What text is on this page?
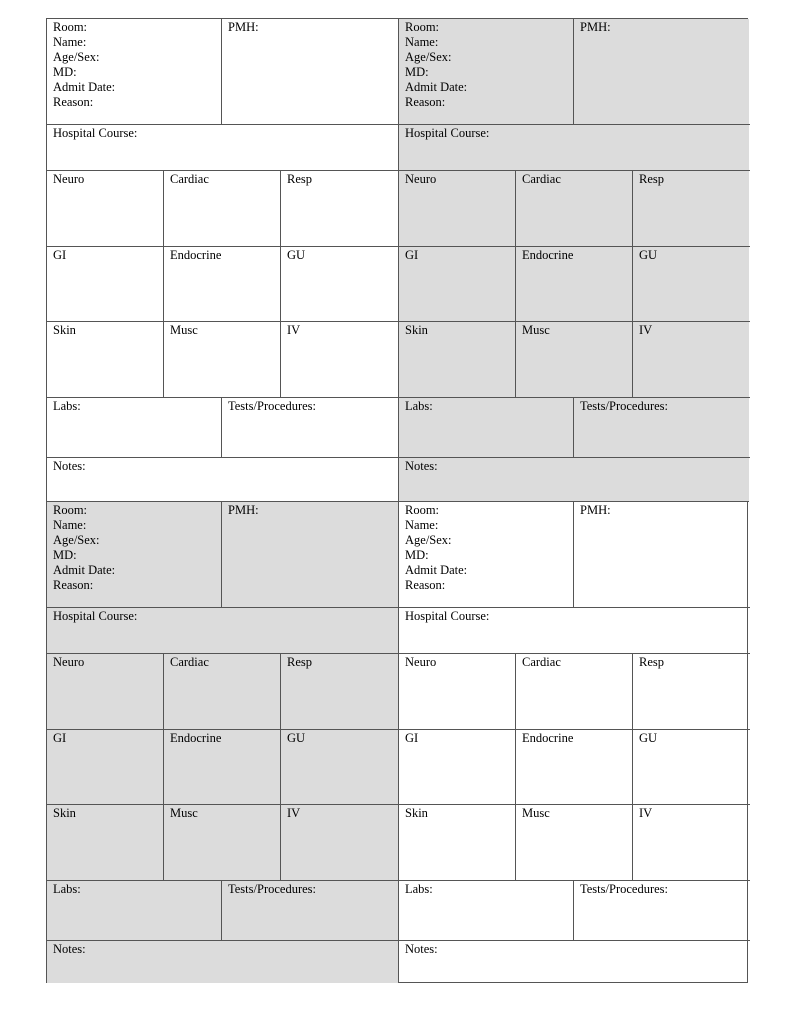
Room:
Name:
Age/Sex:
MD:
Admit Date:
Reason:
PMH:
Hospital Course:
Neuro	Cardiac	Resp
GI	Endocrine	GU
Skin	Musc	IV
Labs:	Tests/Procedures:
Notes:
Room:
Name:
Age/Sex:
MD:
Admit Date:
Reason:
PMH:
Hospital Course:
Neuro	Cardiac	Resp
GI	Endocrine	GU
Skin	Musc	IV
Labs:	Tests/Procedures:
Notes:
Room:
Name:
Age/Sex:
MD:
Admit Date:
Reason:
PMH:
Hospital Course:
Neuro	Cardiac	Resp
GI	Endocrine	GU
Skin	Musc	IV
Labs:	Tests/Procedures:
Notes:
Room:
Name:
Age/Sex:
MD:
Admit Date:
Reason:
PMH:
Hospital Course:
Neuro	Cardiac	Resp
GI	Endocrine	GU
Skin	Musc	IV
Labs:	Tests/Procedures:
Notes:
